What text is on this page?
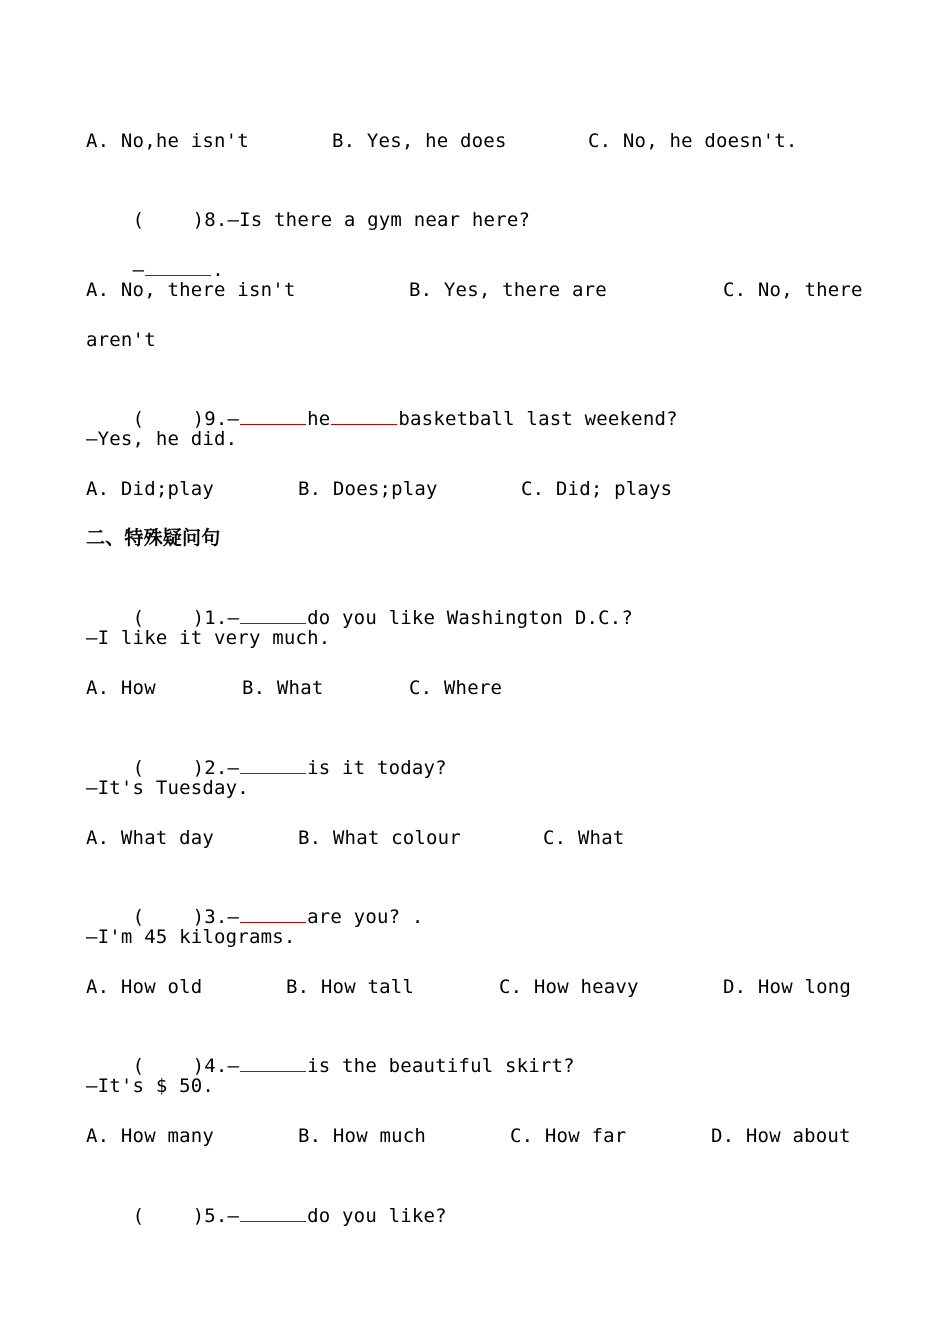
A. No,he isn't

	B. Yes, he does

	C. No, he doesn't.

(	)8.—Is there a gym near here?

—	.

A. No, there isn't

	B. Yes, there are

	C. No, there

aren't

(	)9.—	he	basketball last weekend?

—Yes, he did.

A. Did;play

	B. Does;play

	C. Did; plays

二、特殊疑问句

(	)1.—	do you like Washington D.C.?

—I like it very much.

A. How

	B. What

	C. Where

(	)2.—	is it today?

—It's Tuesday.

A. What day

	B. What colour

	C. What

(	)3.—	are you? .

—I'm 45 kilograms.

A. How old

	B. How tall

	C. How heavy

	D. How long

(	)4.—	is the beautiful skirt?

—It's $ 50.

A. How many

	B. How much

	C. How far

	D. How about

(	)5.—	do you like?
